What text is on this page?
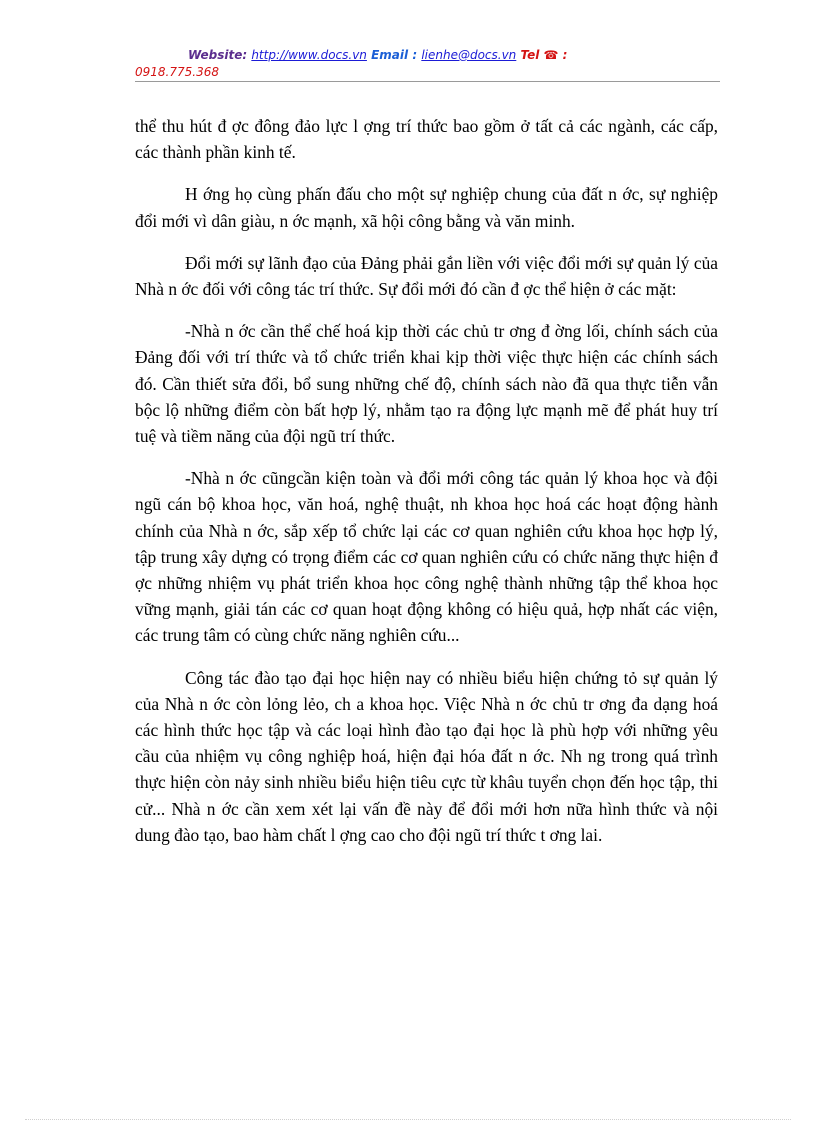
Website: http://www.docs.vn Email : lienhe@docs.vn Tel ☎ :
0918.775.368

thể thu hút đ ợc đông đảo lực l ợng trí thức bao gồm ở tất cả các ngành, các cấp, các thành phần kinh tế.

H ớng họ cùng phấn đấu cho một sự nghiệp chung của đất n ớc, sự nghiệp đổi mới vì dân giàu, n ớc mạnh, xã hội công bằng và văn minh.

Đổi mới sự lãnh đạo của Đảng phải gắn liền với việc đổi mới sự quản lý của Nhà n ớc đối với công tác trí thức. Sự đổi mới đó cần đ ợc thể hiện ở các mặt:

-Nhà n ớc cần thể chế hoá kịp thời các chủ tr ơng đ ờng lối, chính sách của Đảng đối với trí thức và tổ chức triển khai kịp thời việc thực hiện các chính sách đó. Cần thiết sửa đổi, bổ sung những chế độ, chính sách nào đã qua thực tiễn vẫn bộc lộ những điểm còn bất hợp lý, nhằm tạo ra động lực mạnh mẽ để phát huy trí tuệ và tiềm năng của đội ngũ trí thức.

-Nhà n ớc cũngcần kiện toàn và đổi mới công tác quản lý khoa học và đội ngũ cán bộ khoa học, văn hoá, nghệ thuật, nh khoa học hoá các hoạt động hành chính của Nhà n ớc, sắp xếp tổ chức lại các cơ quan nghiên cứu khoa học hợp lý, tập trung xây dựng có trọng điểm các cơ quan nghiên cứu có chức năng thực hiện đ ợc những nhiệm vụ phát triển khoa học công nghệ thành những tập thể khoa học vững mạnh, giải tán các cơ quan hoạt động không có hiệu quả, hợp nhất các viện, các trung tâm có cùng chức năng nghiên cứu...

Công tác đào tạo đại học hiện nay có nhiều biểu hiện chứng tỏ sự quản lý của Nhà n ớc còn lỏng lẻo, ch a khoa học. Việc Nhà n ớc chủ tr ơng đa dạng hoá các hình thức học tập và các loại hình đào tạo đại học là phù hợp với những yêu cầu của nhiệm vụ công nghiệp hoá, hiện đại hóa đất n ớc. Nh ng trong quá trình thực hiện còn nảy sinh nhiều biểu hiện tiêu cực từ khâu tuyển chọn đến học tập, thi cử... Nhà n ớc cần xem xét lại vấn đề này để đổi mới hơn nữa hình thức và nội dung đào tạo, bao hàm chất l ợng cao cho đội ngũ trí thức t ơng lai.
